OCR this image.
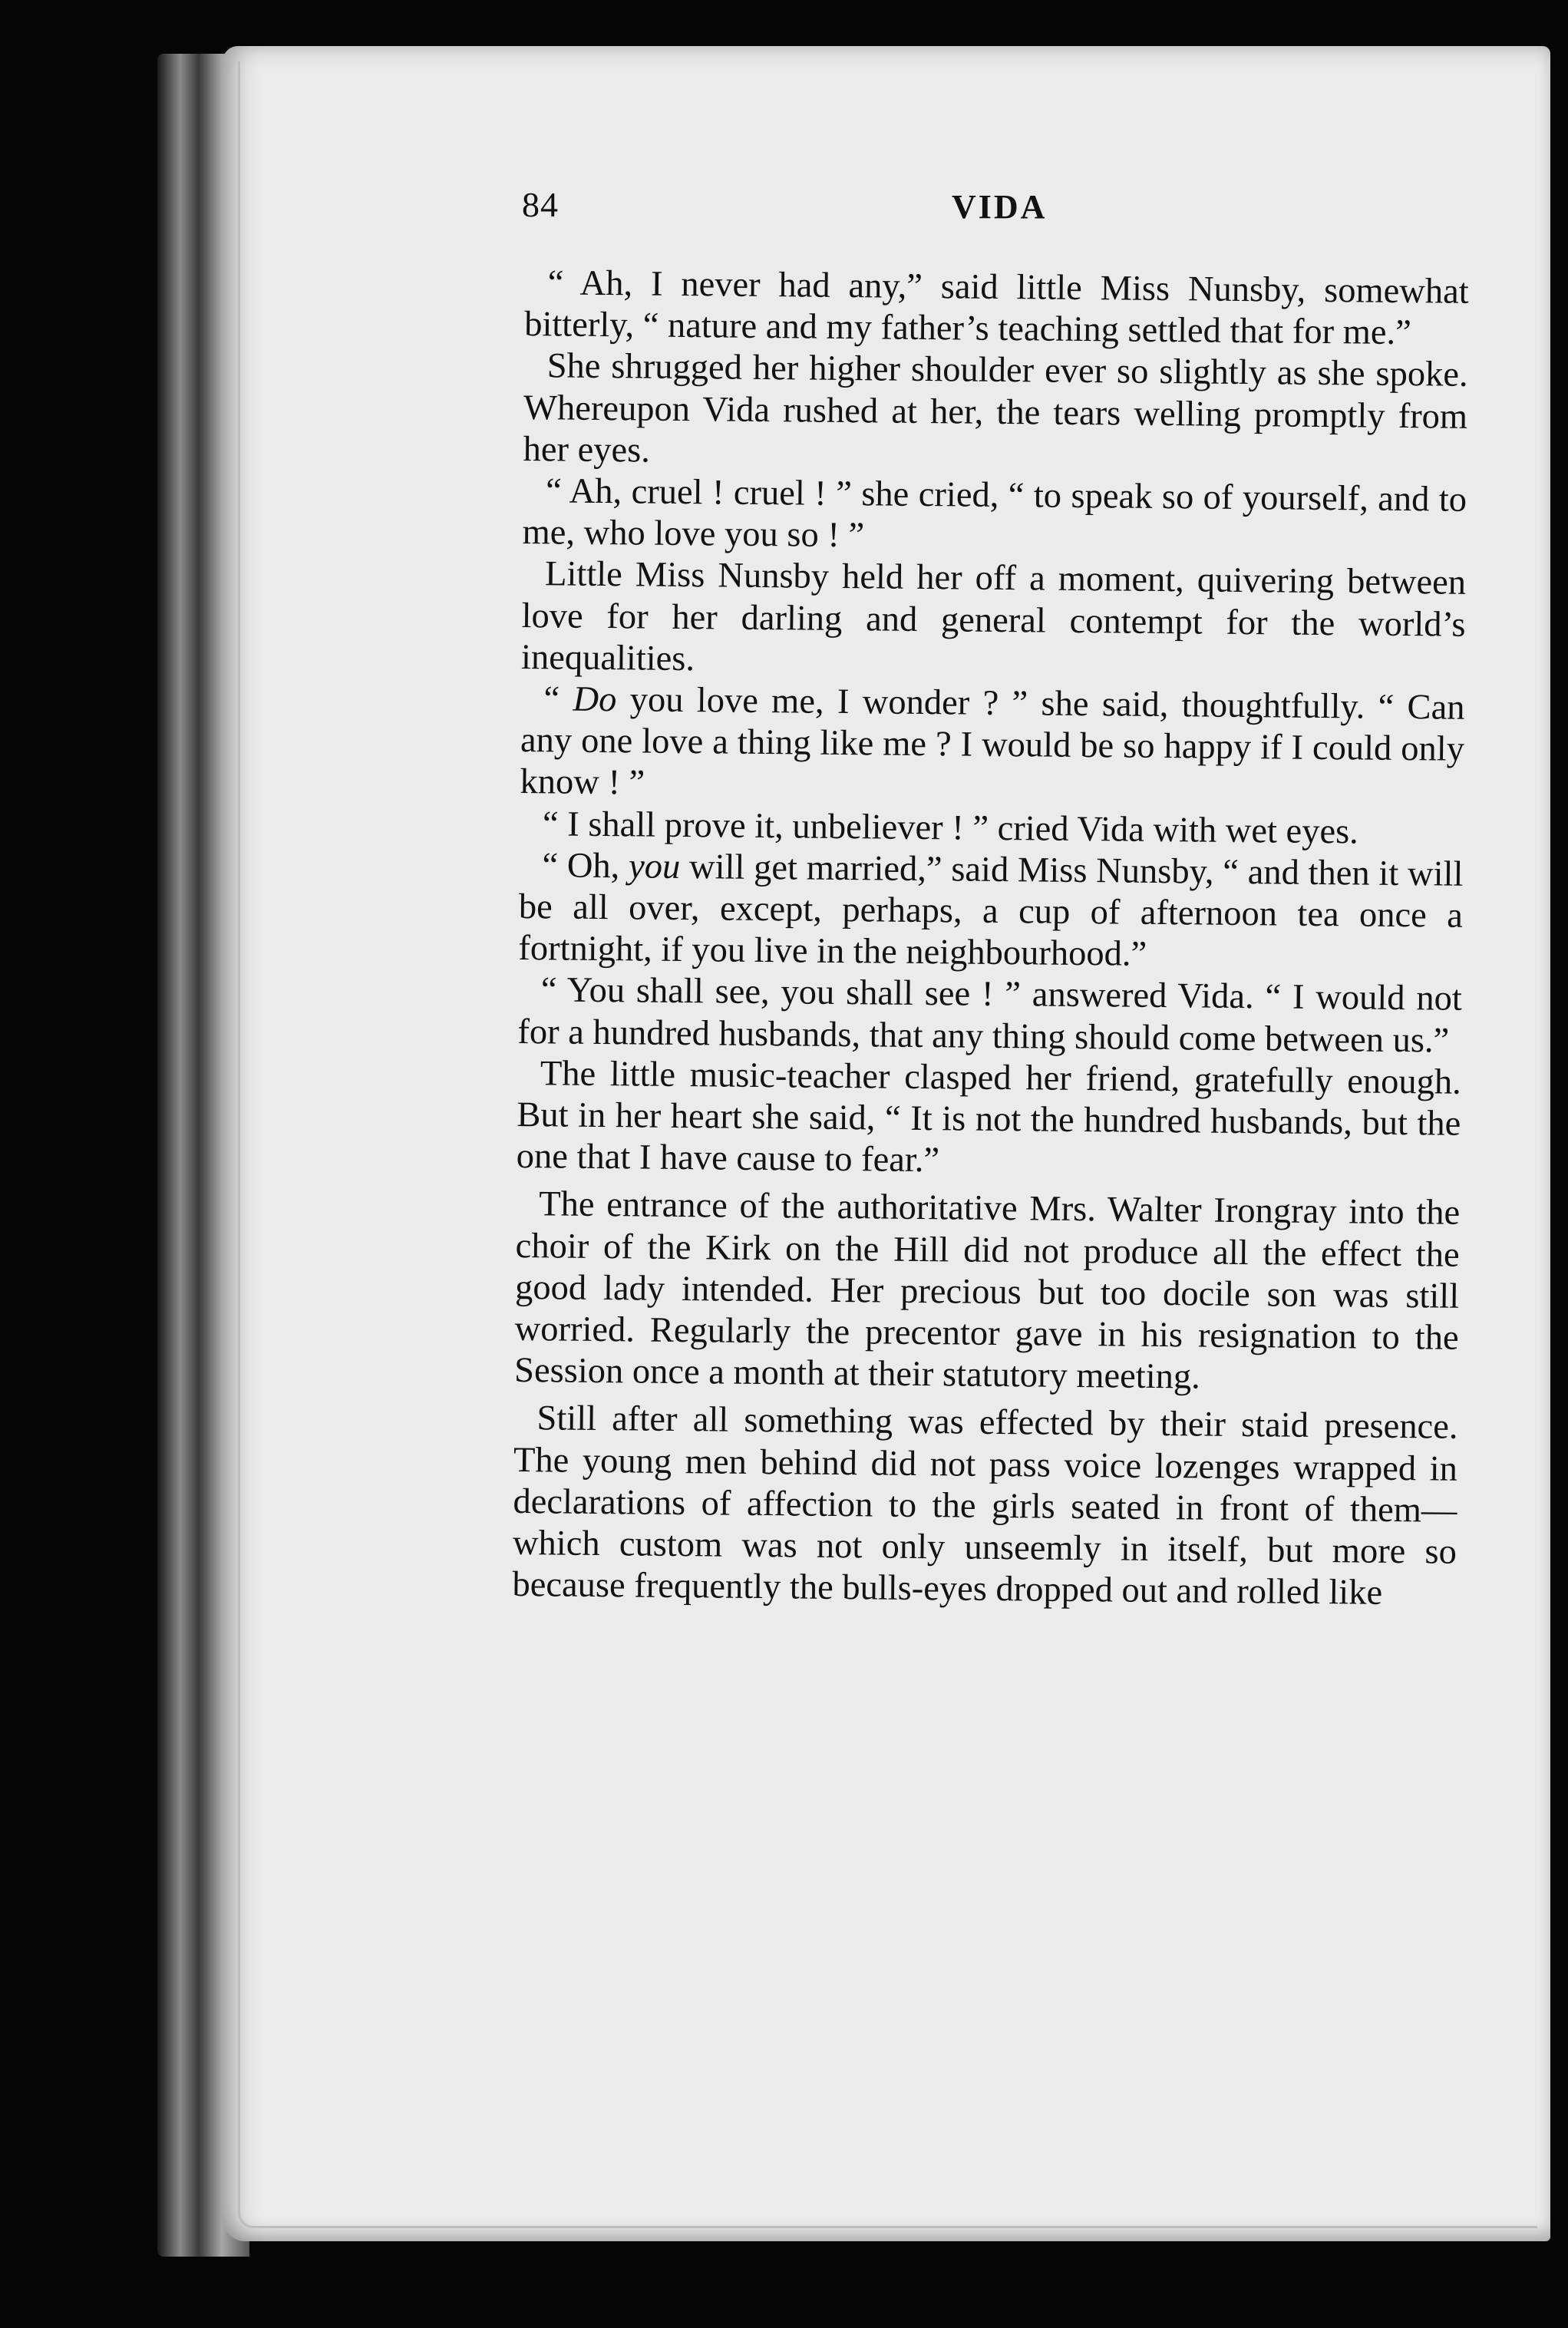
84	VIDA

“ Ah, I never had any,” said little Miss Nunsby, somewhat bitterly, “ nature and my father’s teaching settled that for me.”

She shrugged her higher shoulder ever so slightly as she spoke. Whereupon Vida rushed at her, the tears welling promptly from her eyes.

“ Ah, cruel ! cruel ! ” she cried, “ to speak so of yourself, and to me, who love you so ! ”

Little Miss Nunsby held her off a moment, quivering between love for her darling and general contempt for the world’s inequalities.

“ Do you love me, I wonder ? ” she said, thoughtfully. “ Can any one love a thing like me ? I would be so happy if I could only know ! ”

“ I shall prove it, unbeliever ! ” cried Vida with wet eyes.

“ Oh, you will get married,” said Miss Nunsby, “ and then it will be all over, except, perhaps, a cup of afternoon tea once a fortnight, if you live in the neighbourhood.”

“ You shall see, you shall see ! ” answered Vida. “ I would not for a hundred husbands, that any thing should come between us.”

The little music-teacher clasped her friend, gratefully enough. But in her heart she said, “ It is not the hundred husbands, but the one that I have cause to fear.”

The entrance of the authoritative Mrs. Walter Irongray into the choir of the Kirk on the Hill did not produce all the effect the good lady intended. Her precious but too docile son was still worried. Regularly the precentor gave in his resignation to the Session once a month at their statutory meeting.

Still after all something was effected by their staid presence. The young men behind did not pass voice lozenges wrapped in declarations of affection to the girls seated in front of them—which custom was not only unseemly in itself, but more so because frequently the bulls-eyes dropped out and rolled like
